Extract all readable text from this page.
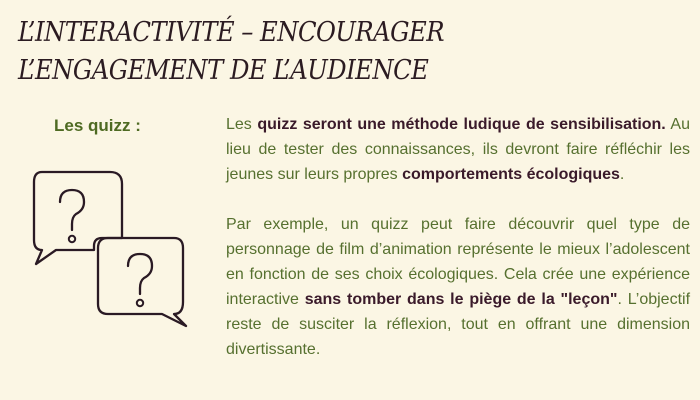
L’INTERACTIVITÉ – ENCOURAGER L’ENGAGEMENT DE L’AUDIENCE
Les quizz :	Les quizz seront une méthode ludique de sensibilisation. Au lieu de tester des connaissances, ils devront faire réfléchir les jeunes sur leurs propres comportements écologiques.

Par exemple, un quizz peut faire découvrir quel type de personnage de film d’animation représente le mieux l’adolescent en fonction de ses choix écologiques. Cela crée une expérience interactive sans tomber dans le piège de la "leçon". L’objectif reste de susciter la réflexion, tout en offrant une dimension divertissante.
